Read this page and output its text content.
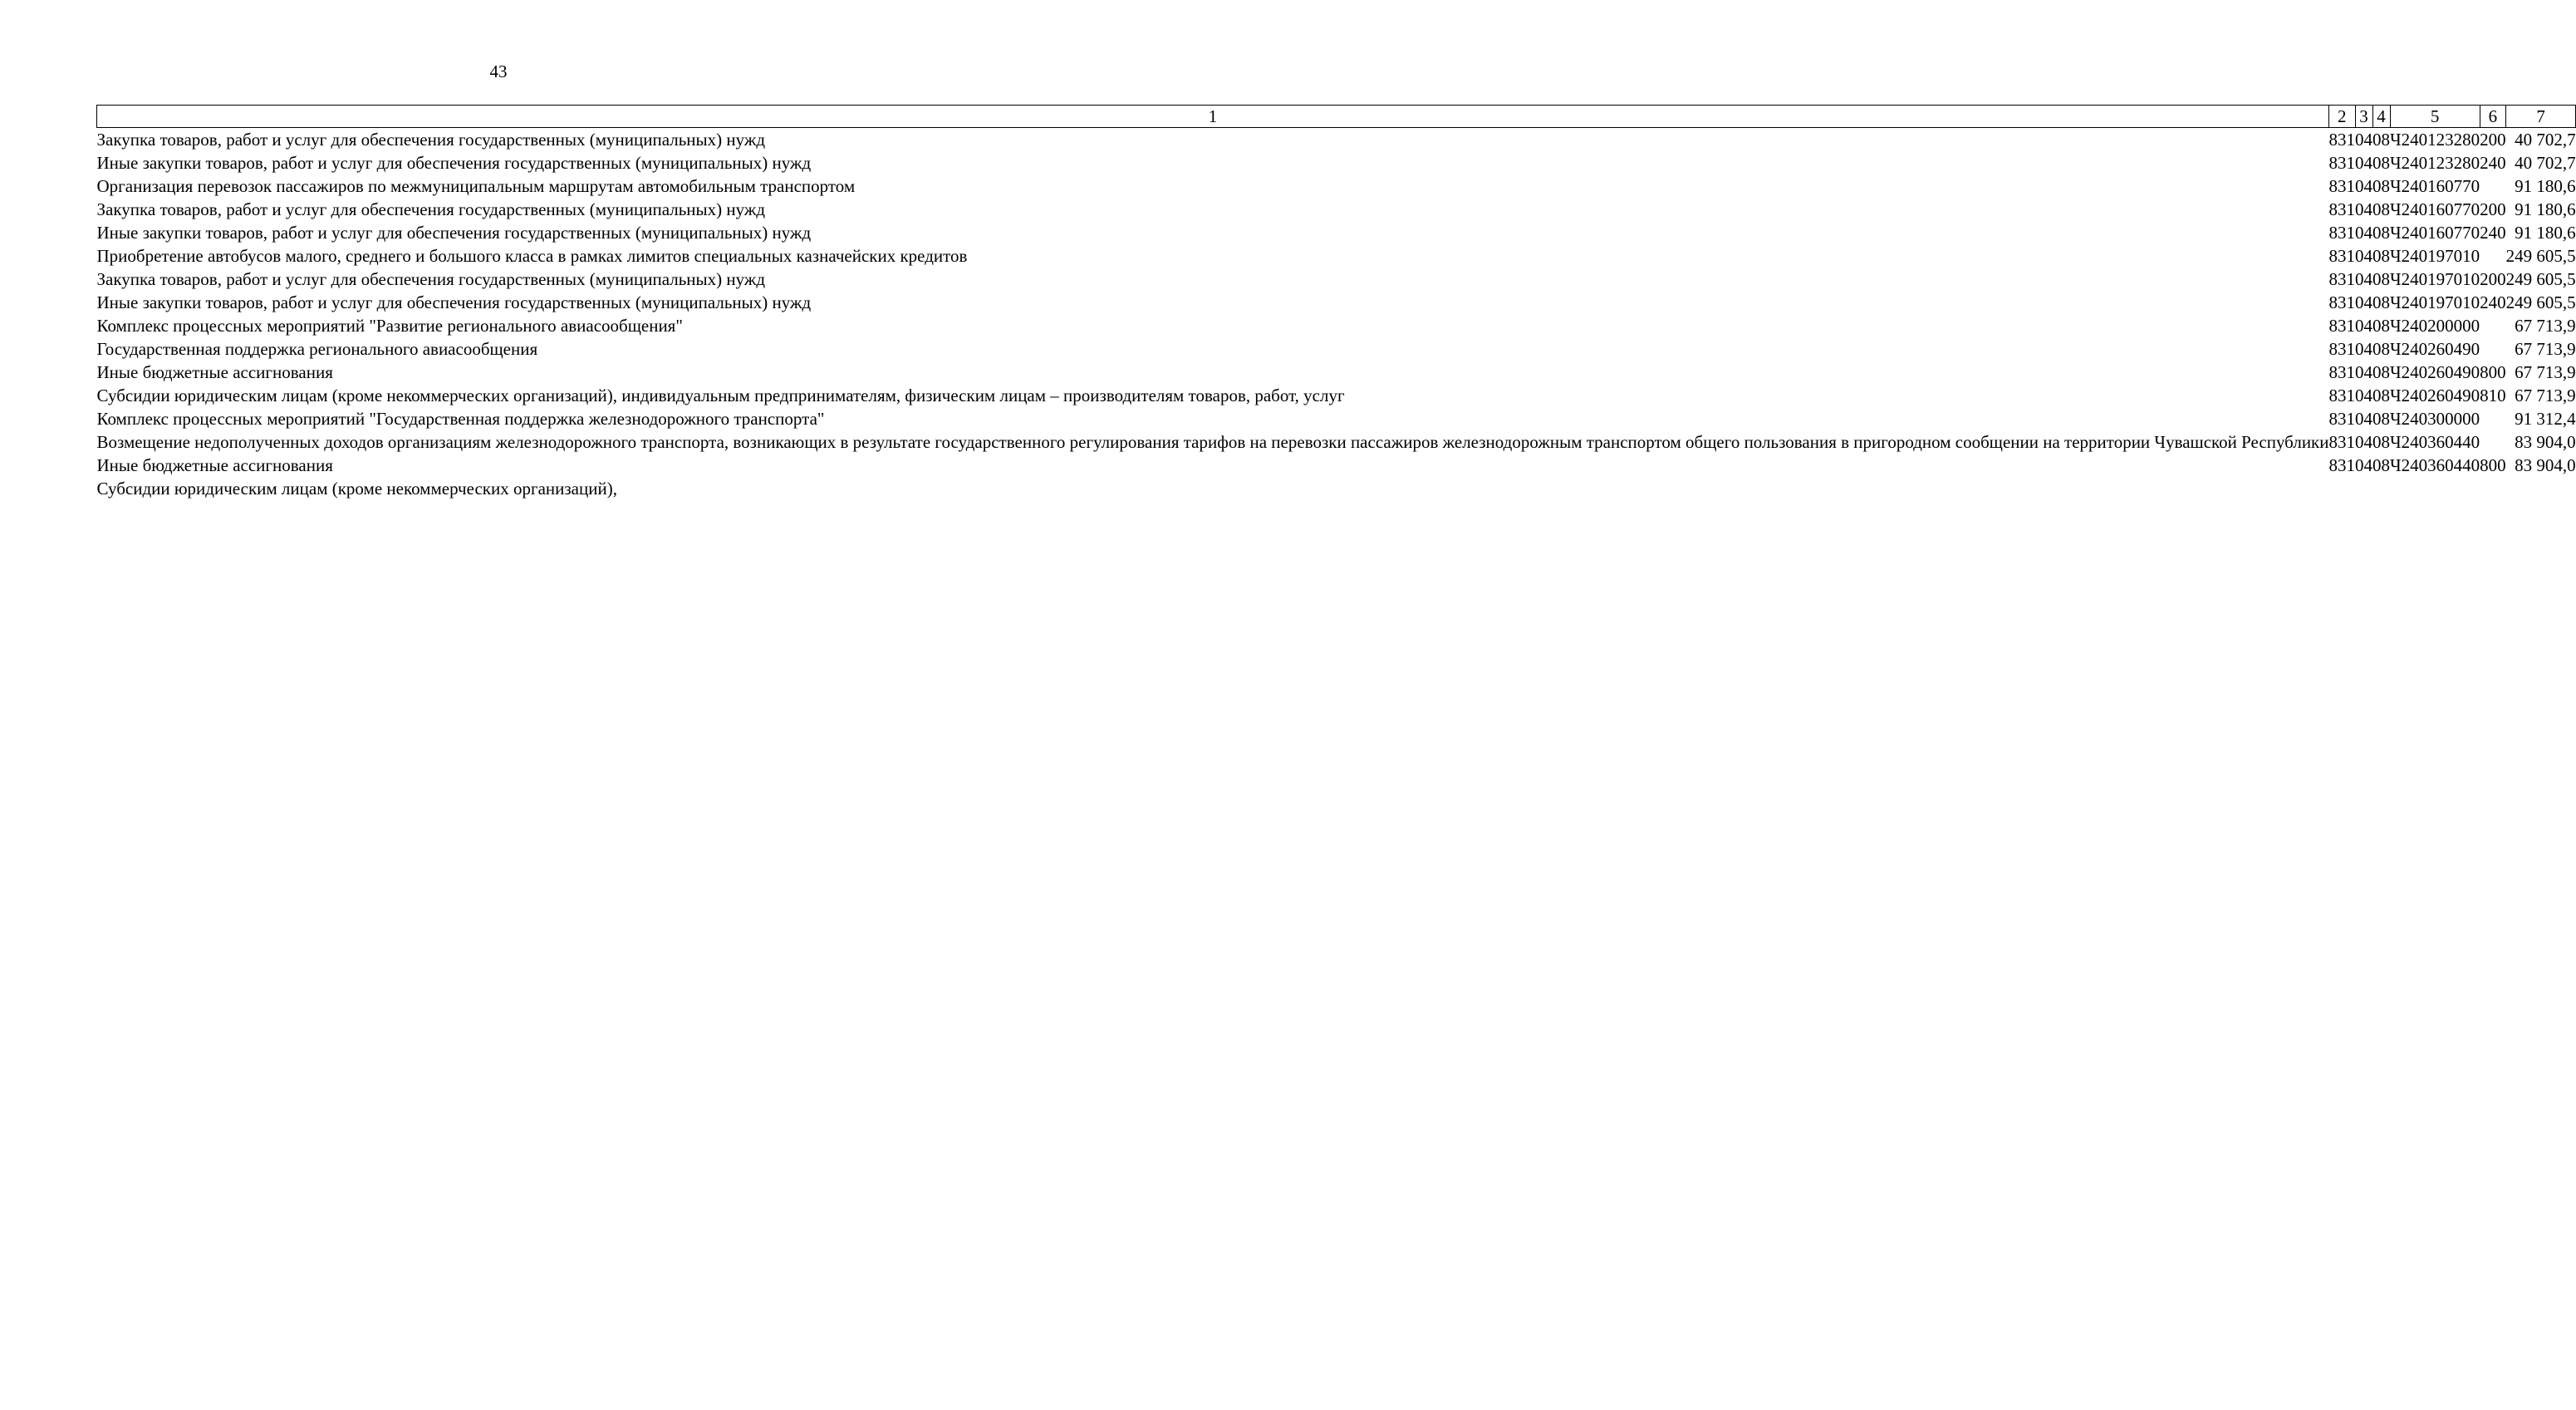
43
1	2	3	4	5	6	7
Закупка товаров, работ и услуг для обеспечения государственных (муниципальных) нужд	831	04	08	Ч240123280	200	40 702,7
Иные закупки товаров, работ и услуг для обеспечения государственных (муниципальных) нужд	831	04	08	Ч240123280	240	40 702,7
Организация перевозок пассажиров по межмуниципальным маршрутам автомобильным транспортом	831	04	08	Ч240160770		91 180,6
Закупка товаров, работ и услуг для обеспечения государственных (муниципальных) нужд	831	04	08	Ч240160770	200	91 180,6
Иные закупки товаров, работ и услуг для обеспечения государственных (муниципальных) нужд	831	04	08	Ч240160770	240	91 180,6
Приобретение автобусов малого, среднего и большого класса в рамках лимитов специальных казначейских кредитов	831	04	08	Ч240197010		249 605,5
Закупка товаров, работ и услуг для обеспечения государственных (муниципальных) нужд	831	04	08	Ч240197010	200	249 605,5
Иные закупки товаров, работ и услуг для обеспечения государственных (муниципальных) нужд	831	04	08	Ч240197010	240	249 605,5
Комплекс процессных мероприятий "Развитие регионального авиасообщения"	831	04	08	Ч240200000		67 713,9
Государственная поддержка регионального авиасообщения	831	04	08	Ч240260490		67 713,9
Иные бюджетные ассигнования	831	04	08	Ч240260490	800	67 713,9
Субсидии юридическим лицам (кроме некоммерческих организаций), индивидуальным предпринимателям, физическим лицам – производителям товаров, работ, услуг	831	04	08	Ч240260490	810	67 713,9
Комплекс процессных мероприятий "Государственная поддержка железнодорожного транспорта"	831	04	08	Ч240300000		91 312,4
Возмещение недополученных доходов организациям железнодорожного транспорта, возникающих в результате государственного регулирования тарифов на перевозки пассажиров железнодорожным транспортом общего пользования в пригородном сообщении на территории Чувашской Республики	831	04	08	Ч240360440		83 904,0
Иные бюджетные ассигнования	831	04	08	Ч240360440	800	83 904,0
Субсидии юридическим лицам (кроме некоммерческих организаций),						
